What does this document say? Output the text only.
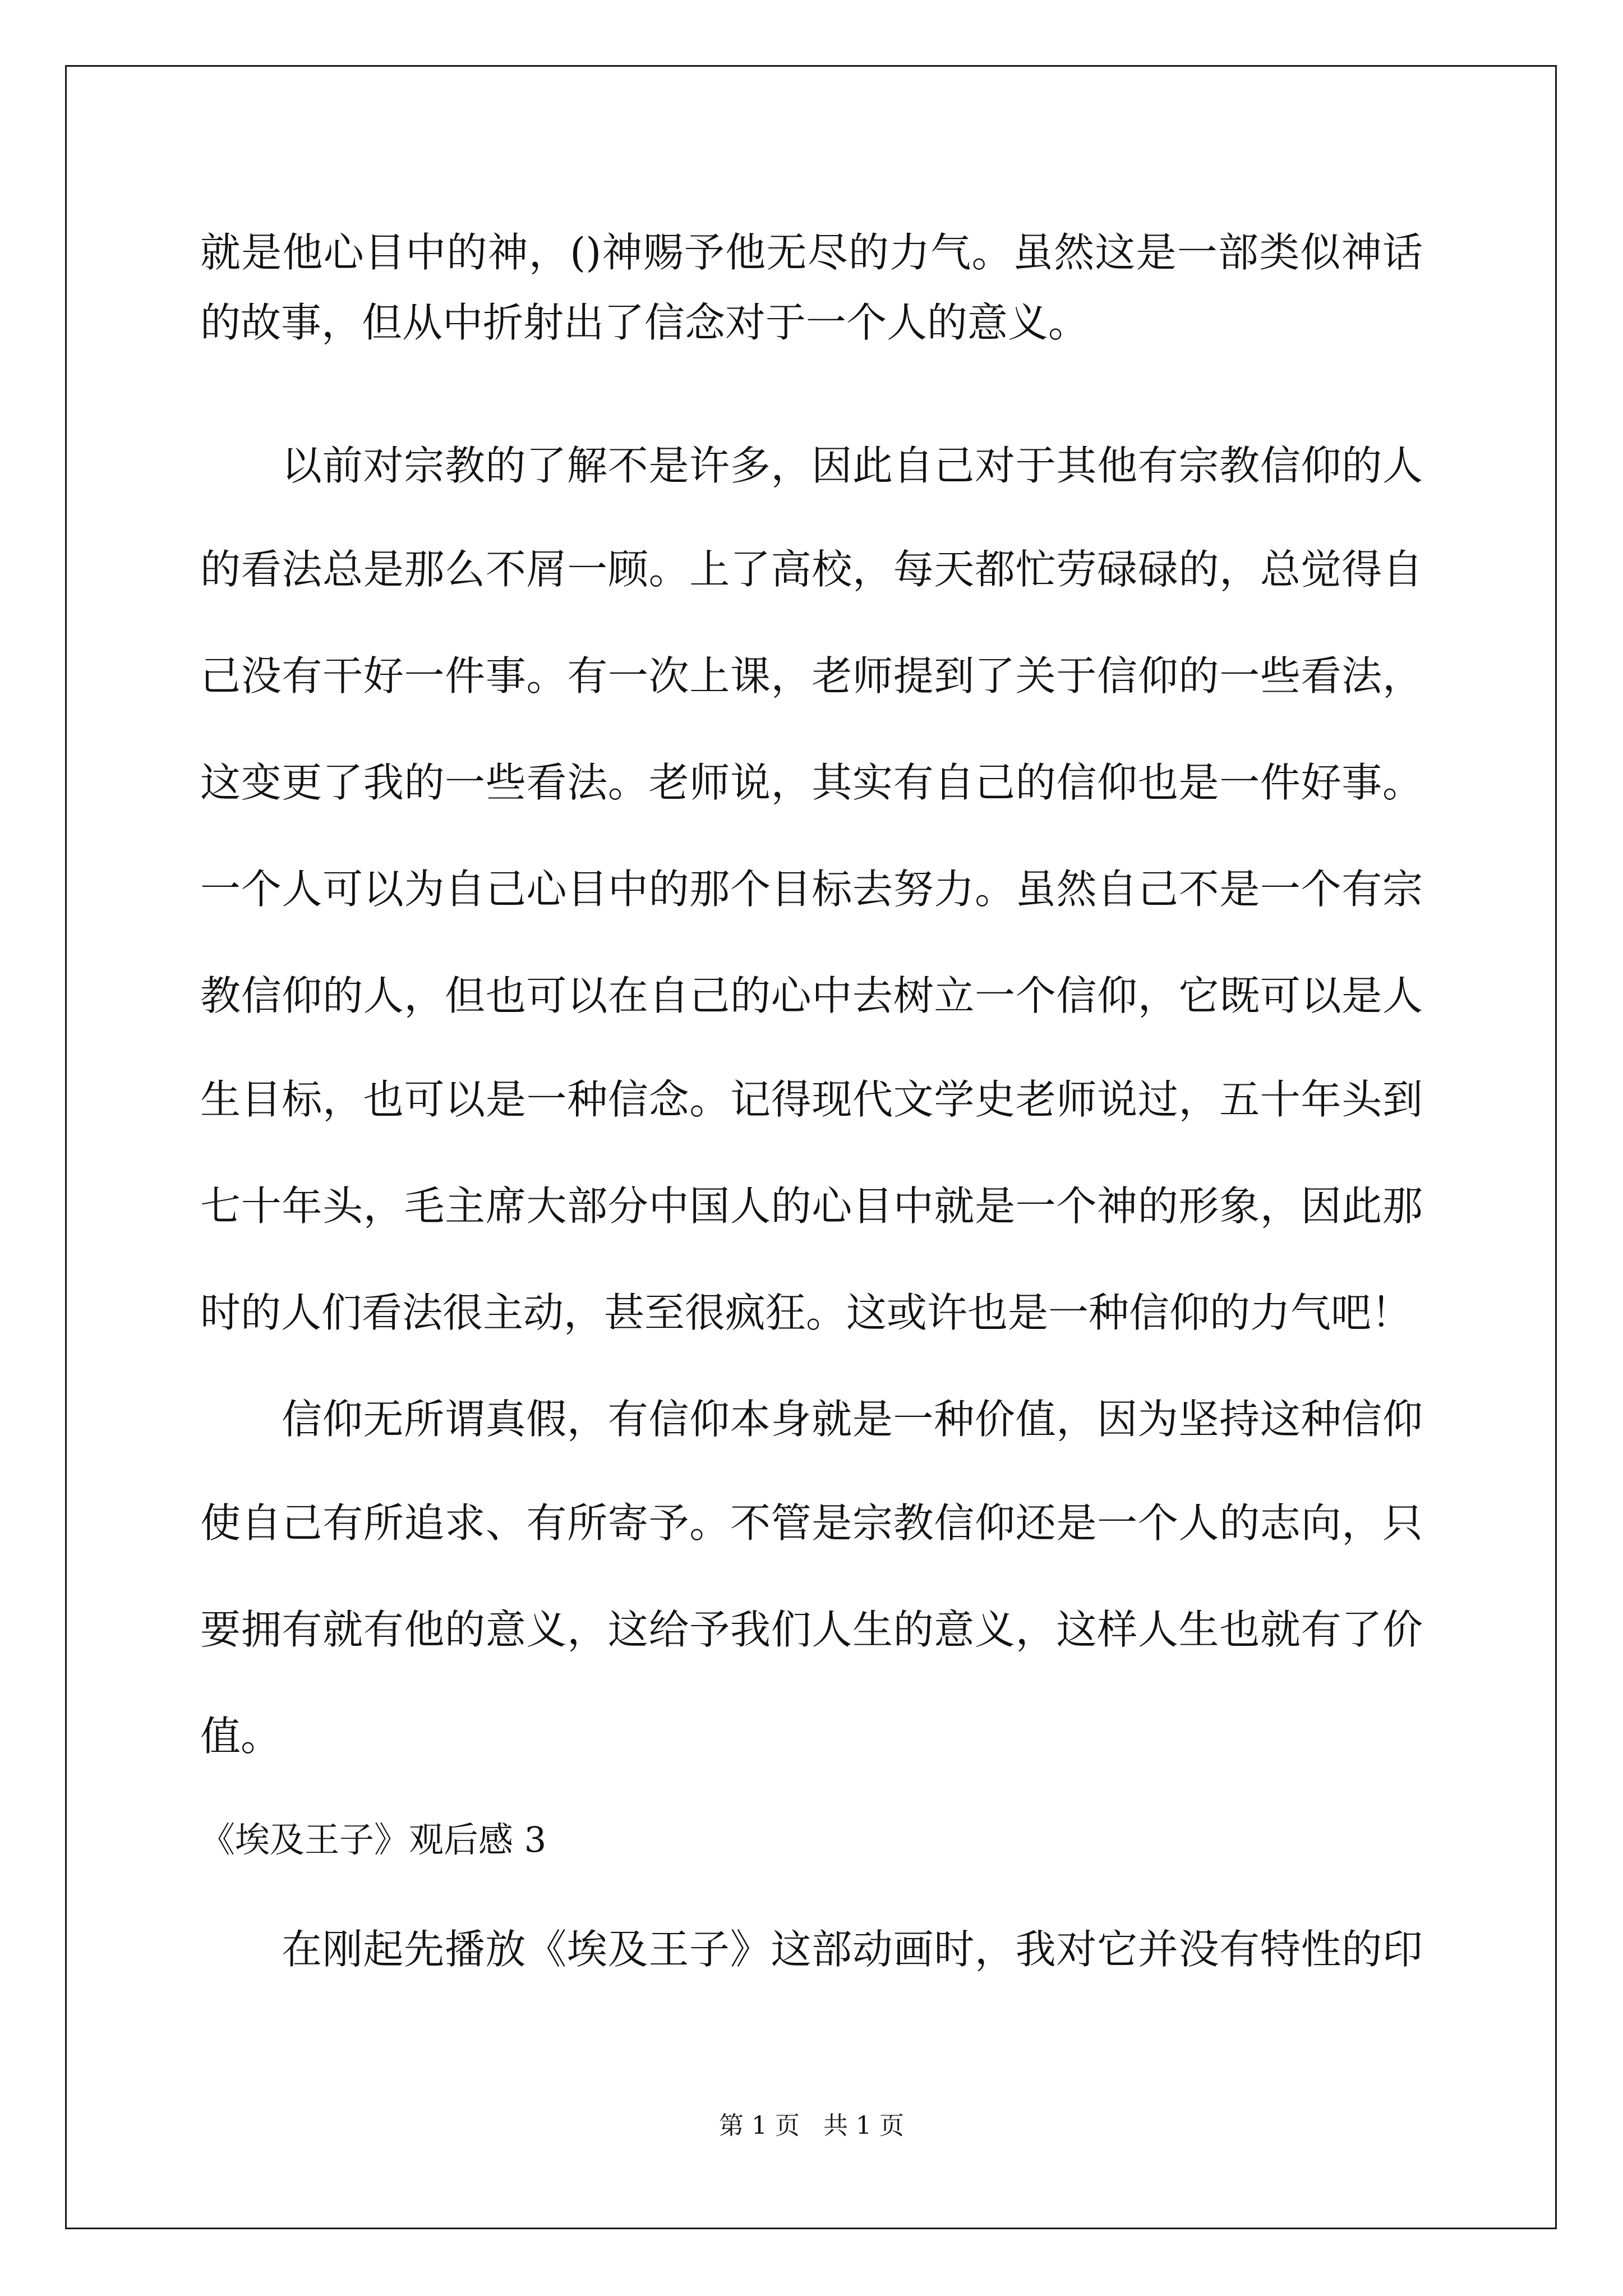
就是他心目中的神，()神赐予他无尽的力气。虽然这是一部类似神话
的故事，但从中折射出了信念对于一个人的意义。
以前对宗教的了解不是许多，因此自己对于其他有宗教信仰的人
的看法总是那么不屑一顾。上了高校，每天都忙劳碌碌的，总觉得自
己没有干好一件事。有一次上课，老师提到了关于信仰的一些看法，
这变更了我的一些看法。老师说，其实有自己的信仰也是一件好事。
一个人可以为自己心目中的那个目标去努力。虽然自己不是一个有宗
教信仰的人，但也可以在自己的心中去树立一个信仰，它既可以是人
生目标，也可以是一种信念。记得现代文学史老师说过，五十年头到
七十年头，毛主席大部分中国人的心目中就是一个神的形象，因此那
时的人们看法很主动，甚至很疯狂。这或许也是一种信仰的力气吧！
信仰无所谓真假，有信仰本身就是一种价值，因为坚持这种信仰
使自己有所追求、有所寄予。不管是宗教信仰还是一个人的志向，只
要拥有就有他的意义，这给予我们人生的意义，这样人生也就有了价
值。
《埃及王子》观后感 3
在刚起先播放《埃及王子》这部动画时，我对它并没有特性的印
第 1 页   共 1 页
